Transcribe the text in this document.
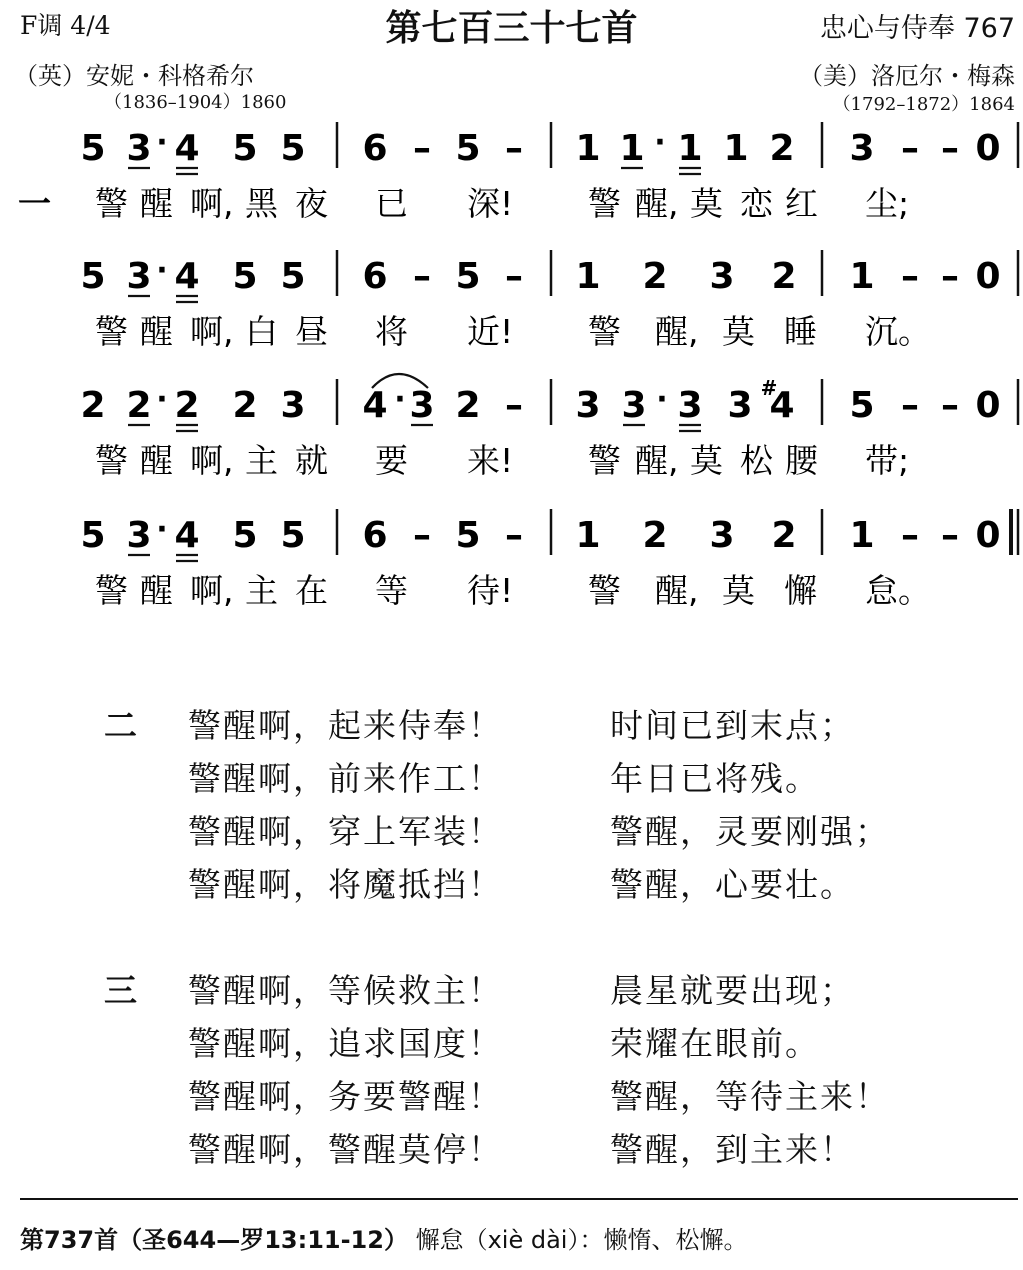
F调 4/4	第七百三十七首	忠心与侍奉 767
（英）安妮・科格希尔
（1836–1904）1860
（美）洛厄尔・梅森
（1792–1872）1864
一
5 3 · 4 5 5 6 – 5 – 1 1 · 1 1 2 3 – – 0
警 醒 啊, 黑 夜 已 深! 警 醒, 莫 恋 红 尘;
5 3 · 4 5 5 6 – 5 – 1 2 3 2 1 – – 0
警 醒 啊, 白 昼 将 近! 警 醒, 莫 睡 沉。
2 2 · 2 2 3 4 · 3 2 – 3 3 · 3 3 #
4 5 – – 0
警 醒 啊, 主 就 要 来! 警 醒, 莫 松 腰 带;
5 3 · 4 5 5 6 – 5 – 1 2 3 2 1 – – 0
警 醒 啊, 主 在 等 待! 警 醒, 莫 懈 怠。
二 警醒啊，起来侍奉！	时间已到末点；
警醒啊，前来作工！	年日已将残。
警醒啊，穿上军装！	警醒，灵要刚强；
警醒啊，将魔抵挡！	警醒，心要壮。
三 警醒啊，等候救主！	晨星就要出现；
警醒啊，追求国度！	荣耀在眼前。
警醒啊，务要警醒！	警醒，等待主来！
警醒啊，警醒莫停！	警醒，到主来！
第737首（圣644—罗13:11-12） 懈怠（xiè dài）：懒惰、松懈。
